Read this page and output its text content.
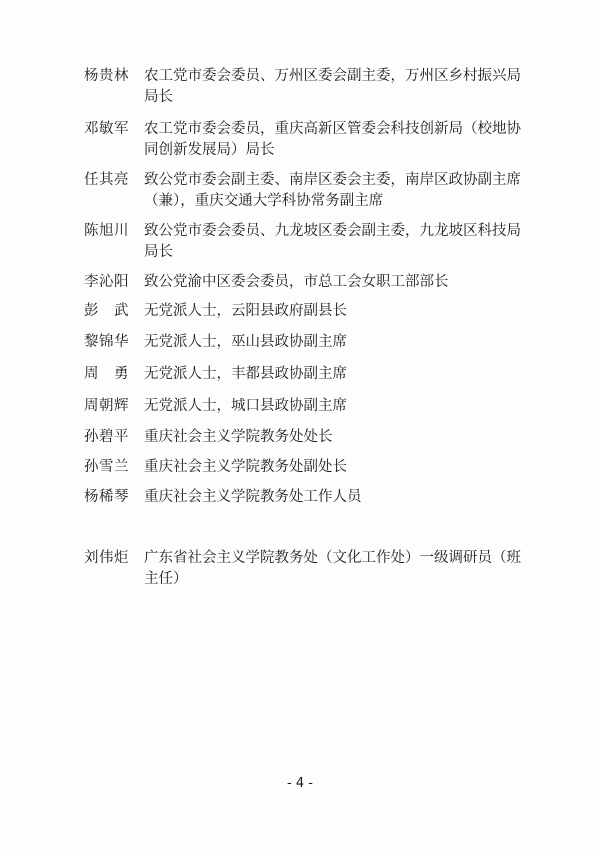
杨贵林	农工党市委会委员、万州区委会副主委，万州区乡村振兴局局长
邓敏军	农工党市委会委员，重庆高新区管委会科技创新局（校地协同创新发展局）局长
任其亮	致公党市委会副主委、南岸区委会主委，南岸区政协副主席（兼），重庆交通大学科协常务副主席
陈旭川	致公党市委会委员、九龙坡区委会副主委，九龙坡区科技局局长
李沁阳	致公党渝中区委会委员，市总工会女职工部部长
彭　武	无党派人士，云阳县政府副县长
黎锦华	无党派人士，巫山县政协副主席
周　勇	无党派人士，丰都县政协副主席
周朝辉	无党派人士，城口县政协副主席
孙碧平	重庆社会主义学院教务处处长
孙雪兰	重庆社会主义学院教务处副处长
杨稀琴	重庆社会主义学院教务处工作人员
刘伟炬	广东省社会主义学院教务处（文化工作处）一级调研员（班主任）
- 4 -
